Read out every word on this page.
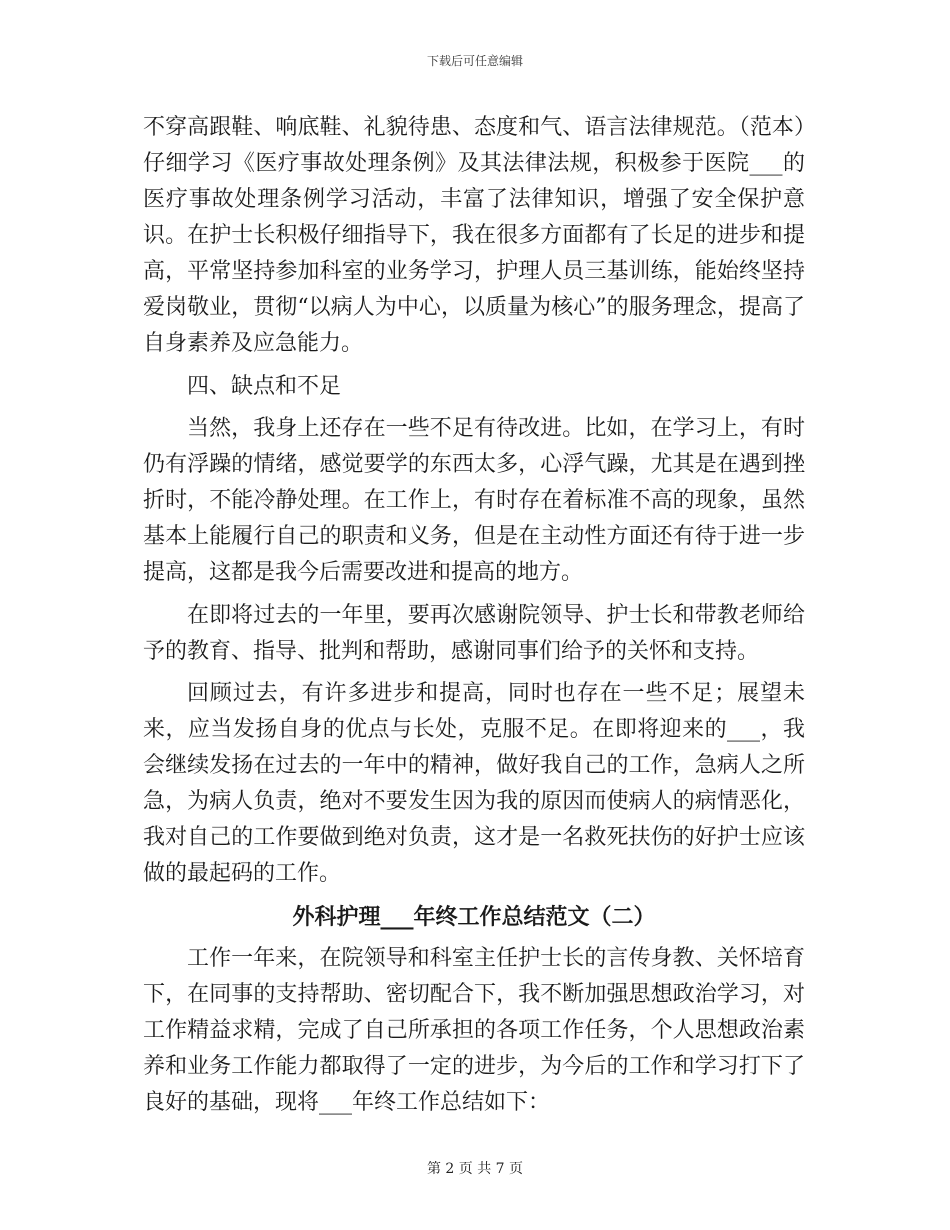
下载后可任意编辑

不穿高跟鞋、响底鞋、礼貌待患、态度和气、语言法律规范。（范本）仔细学习《医疗事故处理条例》及其法律法规，积极参于医院___的医疗事故处理条例学习活动，丰富了法律知识，增强了安全保护意识。在护士长积极仔细指导下，我在很多方面都有了长足的进步和提高，平常坚持参加科室的业务学习，护理人员三基训练，能始终坚持爱岗敬业，贯彻“以病人为中心，以质量为核心”的服务理念，提高了自身素养及应急能力。

四、缺点和不足

当然，我身上还存在一些不足有待改进。比如，在学习上，有时仍有浮躁的情绪，感觉要学的东西太多，心浮气躁，尤其是在遇到挫折时，不能冷静处理。在工作上，有时存在着标准不高的现象，虽然基本上能履行自己的职责和义务，但是在主动性方面还有待于进一步提高，这都是我今后需要改进和提高的地方。

在即将过去的一年里，要再次感谢院领导、护士长和带教老师给予的教育、指导、批判和帮助，感谢同事们给予的关怀和支持。

回顾过去，有许多进步和提高，同时也存在一些不足；展望未来，应当发扬自身的优点与长处，克服不足。在即将迎来的___，我会继续发扬在过去的一年中的精神，做好我自己的工作，急病人之所急，为病人负责，绝对不要发生因为我的原因而使病人的病情恶化，我对自己的工作要做到绝对负责，这才是一名救死扶伤的好护士应该做的最起码的工作。

外科护理___年终工作总结范文（二）

工作一年来，在院领导和科室主任护士长的言传身教、关怀培育下，在同事的支持帮助、密切配合下，我不断加强思想政治学习，对工作精益求精，完成了自己所承担的各项工作任务，个人思想政治素养和业务工作能力都取得了一定的进步，为今后的工作和学习打下了良好的基础，现将___年终工作总结如下：

第 2 页 共 7 页
